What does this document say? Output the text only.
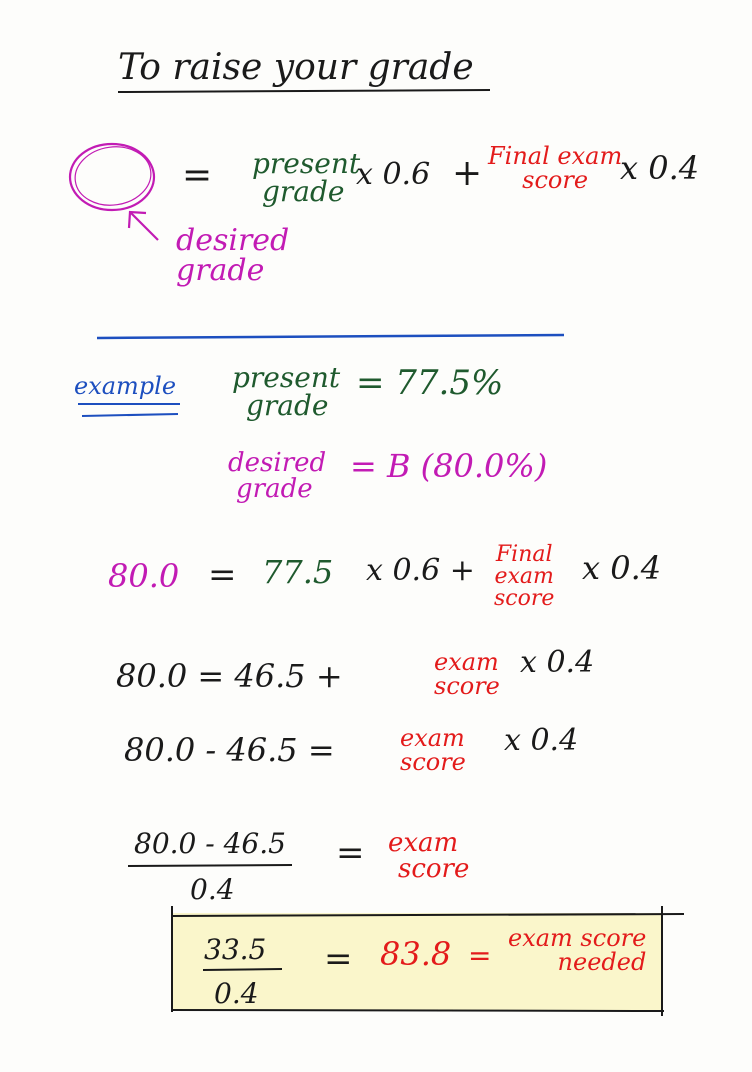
To raise your grade
= present
grade x 0.6 + Final exam
score x 0.4
desired
grade
example present
grade
= 77.5%
desired
grade
= B (80.0%)
80.0 = 77.5 x 0.6 + Final
exam
score
x 0.4
80.0 = 46.5 +	exam
score
x 0.4
80.0 - 46.5 =	exam
score
x 0.4
80.0 - 46.5
0.4
= exam
score
33.5
0.4
= 83.8 =
exam score
needed
